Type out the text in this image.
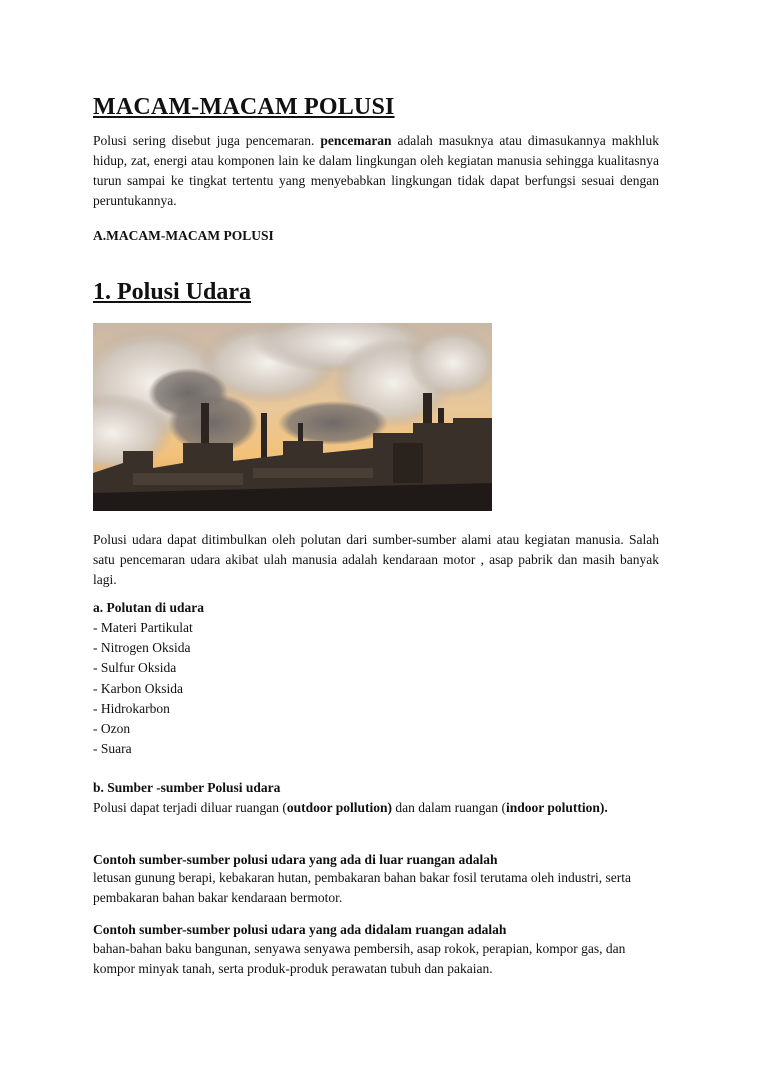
MACAM-MACAM POLUSI
Polusi sering disebut juga pencemaran. pencemaran adalah masuknya atau dimasukannya makhluk hidup, zat, energi atau komponen lain ke dalam lingkungan oleh kegiatan manusia sehingga kualitasnya turun sampai ke tingkat tertentu yang menyebabkan lingkungan tidak dapat berfungsi sesuai dengan peruntukannya.
A.MACAM-MACAM POLUSI
1. Polusi Udara
Polusi udara dapat ditimbulkan oleh polutan dari sumber-sumber alami atau kegiatan manusia. Salah satu pencemaran udara akibat ulah manusia adalah kendaraan motor , asap pabrik dan masih banyak lagi.
a. Polutan di udara
- Materi Partikulat
- Nitrogen Oksida
- Sulfur Oksida
- Karbon Oksida
- Hidrokarbon
- Ozon
- Suara
b. Sumber -sumber Polusi udara
Polusi dapat terjadi diluar ruangan (outdoor pollution) dan dalam ruangan (indoor poluttion).
Contoh sumber-sumber polusi udara yang ada di luar ruangan adalah
letusan gunung berapi, kebakaran hutan, pembakaran bahan bakar fosil terutama oleh industri, serta pembakaran bahan bakar kendaraan bermotor.
Contoh sumber-sumber polusi udara yang ada didalam ruangan adalah
bahan-bahan baku bangunan, senyawa senyawa pembersih, asap rokok, perapian, kompor gas, dan kompor minyak tanah, serta produk-produk perawatan tubuh dan pakaian.
